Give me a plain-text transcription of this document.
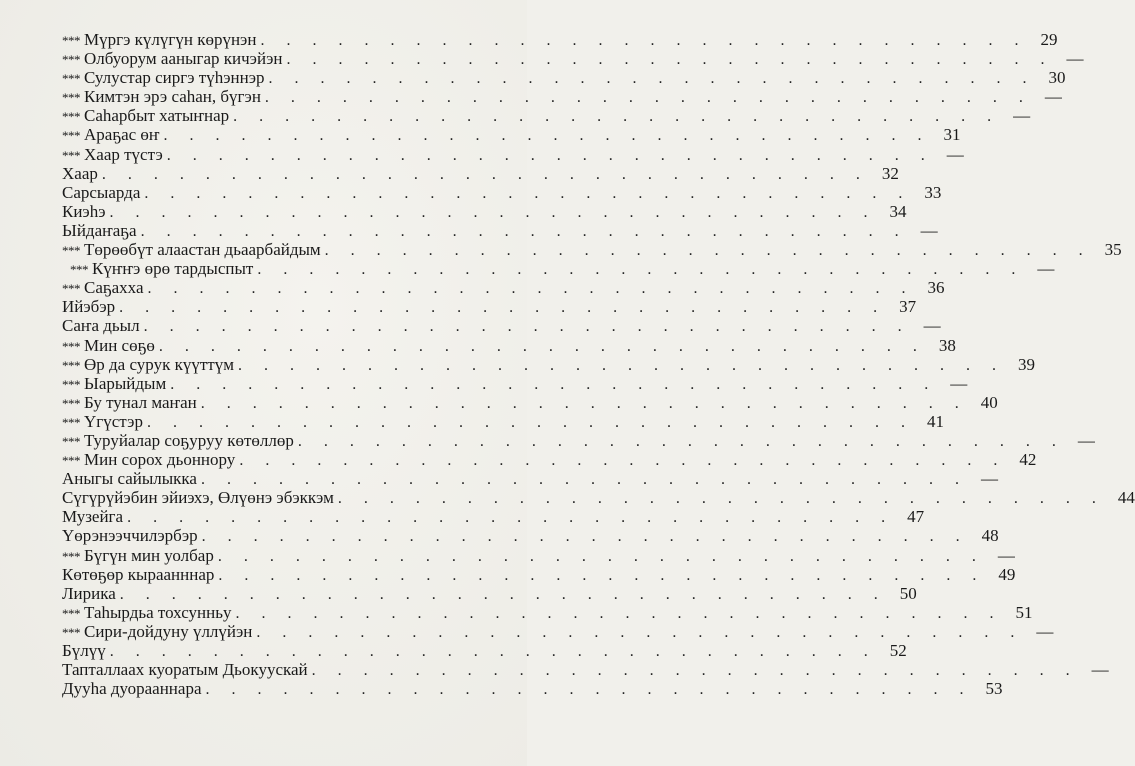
*** Мүргэ күлүгүн көрүнэн . . . . . . . . . . . . . . . . . . . . . . . . . . . . . . 29
*** Олбуорум ааныгар кичэйэн . . . . . . . . . . . . . . . . . . . . . . . . . . . . . . —
*** Сулустар сиргэ түһэннэр . . . . . . . . . . . . . . . . . . . . . . . . . . . . . . 30
*** Кимтэн эрэ саһан, бүгэн . . . . . . . . . . . . . . . . . . . . . . . . . . . . . . —
*** Саһарбыт хатыҥнар . . . . . . . . . . . . . . . . . . . . . . . . . . . . . . —
*** Араҕас өҥ . . . . . . . . . . . . . . . . . . . . . . . . . . . . . . 31
*** Хаар түстэ . . . . . . . . . . . . . . . . . . . . . . . . . . . . . . —
Хаар . . . . . . . . . . . . . . . . . . . . . . . . . . . . . . 32
Сарсыарда . . . . . . . . . . . . . . . . . . . . . . . . . . . . . . 33
Киэһэ . . . . . . . . . . . . . . . . . . . . . . . . . . . . . . 34
Ыйдаҥаҕа . . . . . . . . . . . . . . . . . . . . . . . . . . . . . . —
*** Төрөөбүт алаастан дьаарбайдым . . . . . . . . . . . . . . . . . . . . . . . . . . . . . . 35
*** Күҥҥэ өрө тардыспыт . . . . . . . . . . . . . . . . . . . . . . . . . . . . . . —
*** Саҕахха . . . . . . . . . . . . . . . . . . . . . . . . . . . . . . 36
Ийэбэр . . . . . . . . . . . . . . . . . . . . . . . . . . . . . . 37
Саҥа дьыл . . . . . . . . . . . . . . . . . . . . . . . . . . . . . . —
*** Мин сөҕө . . . . . . . . . . . . . . . . . . . . . . . . . . . . . . 38
*** Өр да сурук күүттүм . . . . . . . . . . . . . . . . . . . . . . . . . . . . . . 39
*** Ыарыйдым . . . . . . . . . . . . . . . . . . . . . . . . . . . . . . —
*** Бу тунал маҥан . . . . . . . . . . . . . . . . . . . . . . . . . . . . . . 40
*** Үгүстэр . . . . . . . . . . . . . . . . . . . . . . . . . . . . . . 41
*** Туруйалар соҕуруу көтөллөр . . . . . . . . . . . . . . . . . . . . . . . . . . . . . . —
*** Мин сорох дьоннору . . . . . . . . . . . . . . . . . . . . . . . . . . . . . . 42
Аныгы сайылыкка . . . . . . . . . . . . . . . . . . . . . . . . . . . . . . —
Сүгүрүйэбин эйиэхэ, Өлүөнэ эбэккэм . . . . . . . . . . . . . . . . . . . . . . . . . . . . . . 44
Музейга . . . . . . . . . . . . . . . . . . . . . . . . . . . . . . 47
Үөрэнээччилэрбэр . . . . . . . . . . . . . . . . . . . . . . . . . . . . . . 48
*** Бүгүн мин уолбар . . . . . . . . . . . . . . . . . . . . . . . . . . . . . . —
Көтөҕөр кыраанннар . . . . . . . . . . . . . . . . . . . . . . . . . . . . . . 49
Лирика . . . . . . . . . . . . . . . . . . . . . . . . . . . . . . 50
*** Таһырдьа тохсунньу . . . . . . . . . . . . . . . . . . . . . . . . . . . . . . 51
*** Сири-дойдуну үллүйэн . . . . . . . . . . . . . . . . . . . . . . . . . . . . . . —
Бүлүү . . . . . . . . . . . . . . . . . . . . . . . . . . . . . . 52
Тапталлаах куоратым Дьокуускай . . . . . . . . . . . . . . . . . . . . . . . . . . . . . . —
Дууһа дуорааннара . . . . . . . . . . . . . . . . . . . . . . . . . . . . . . 53
